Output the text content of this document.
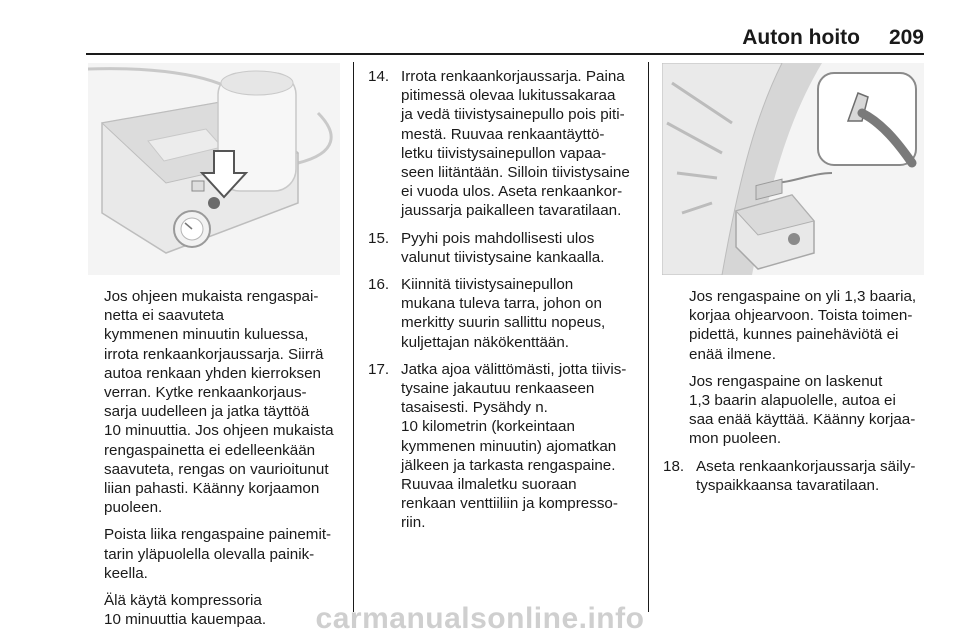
Auton hoito 209

Jos ohjeen mukaista rengaspai-
netta ei saavuteta
kymmenen minuutin kuluessa,
irrota renkaankorjaussarja. Siirrä
autoa renkaan yhden kierroksen
verran. Kytke renkaankorjaus-
sarja uudelleen ja jatka täyttöä
10 minuuttia. Jos ohjeen mukaista
rengaspainetta ei edelleenkään
saavuteta, rengas on vaurioitunut
liian pahasti. Käänny korjaamon
puoleen.

Poista liika rengaspaine painemit-
tarin yläpuolella olevalla painik-
keella.

Älä käytä kompressoria
10 minuuttia kauempaa.

14. Irrota renkaankorjaussarja. Paina
pitimessä olevaa lukitussakaraa
ja vedä tiivistysainepullo pois piti-
mestä. Ruuvaa renkaantäyttö-
letku tiivistysainepullon vapaa-
seen liitäntään. Silloin tiivistysaine
ei vuoda ulos. Aseta renkaankor-
jaussarja paikalleen tavaratilaan.
15. Pyyhi pois mahdollisesti ulos
valunut tiivistysaine kankaalla.
16. Kiinnitä tiivistysainepullon
mukana tuleva tarra, johon on
merkitty suurin sallittu nopeus,
kuljettajan näkökenttään.
17. Jatka ajoa välittömästi, jotta tiivis-
tysaine jakautuu renkaaseen
tasaisesti. Pysähdy n.
10 kilometrin (korkeintaan
kymmenen minuutin) ajomatkan
jälkeen ja tarkasta rengaspaine.
Ruuvaa ilmaletku suoraan
renkaan venttiiliin ja kompresso-
riin.

Jos rengaspaine on yli 1,3 baaria,
korjaa ohjearvoon. Toista toimen-
pidettä, kunnes painehäviötä ei
enää ilmene.

Jos rengaspaine on laskenut
1,3 baarin alapuolelle, autoa ei
saa enää käyttää. Käänny korjaa-
mon puoleen.

18. Aseta renkaankorjaussarja säily-
tyspaikkaansa tavaratilaan.
carmanualsonline.info
